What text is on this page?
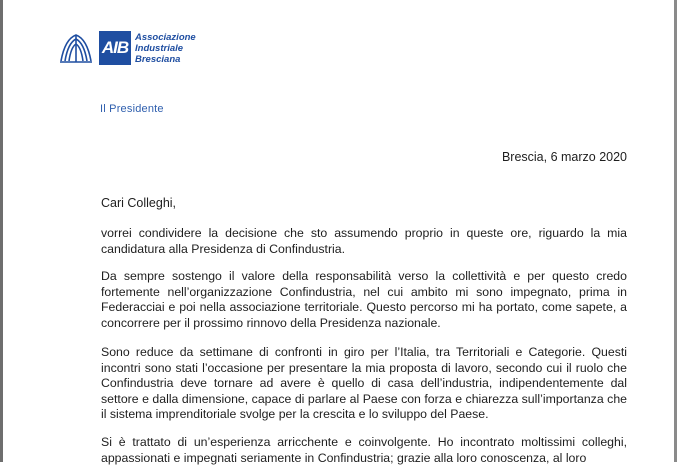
AIB
Associazione
Industriale
Bresciana
Il Presidente
Brescia, 6 marzo 2020
Cari Colleghi,
vorrei condividere la decisione che sto assumendo proprio in queste ore, riguardo la mia candidatura alla Presidenza di Confindustria.
Da sempre sostengo il valore della responsabilità verso la collettività e per questo credo fortemente nell’organizzazione Confindustria, nel cui ambito mi sono impegnato, prima in Federacciai e poi nella associazione territoriale. Questo percorso mi ha portato, come sapete, a concorrere per il prossimo rinnovo della Presidenza nazionale.
Sono reduce da settimane di confronti in giro per l’Italia, tra Territoriali e Categorie. Questi incontri sono stati l’occasione per presentare la mia proposta di lavoro, secondo cui il ruolo che Confindustria deve tornare ad avere è quello di casa dell’industria, indipendentemente dal settore e dalla dimensione, capace di parlare al Paese con forza e chiarezza sull’importanza che il sistema imprenditoriale svolge per la crescita e lo sviluppo del Paese.
Si è trattato di un’esperienza arricchente e coinvolgente. Ho incontrato moltissimi colleghi, appassionati e impegnati seriamente in Confindustria; grazie alla loro conoscenza, al loro
